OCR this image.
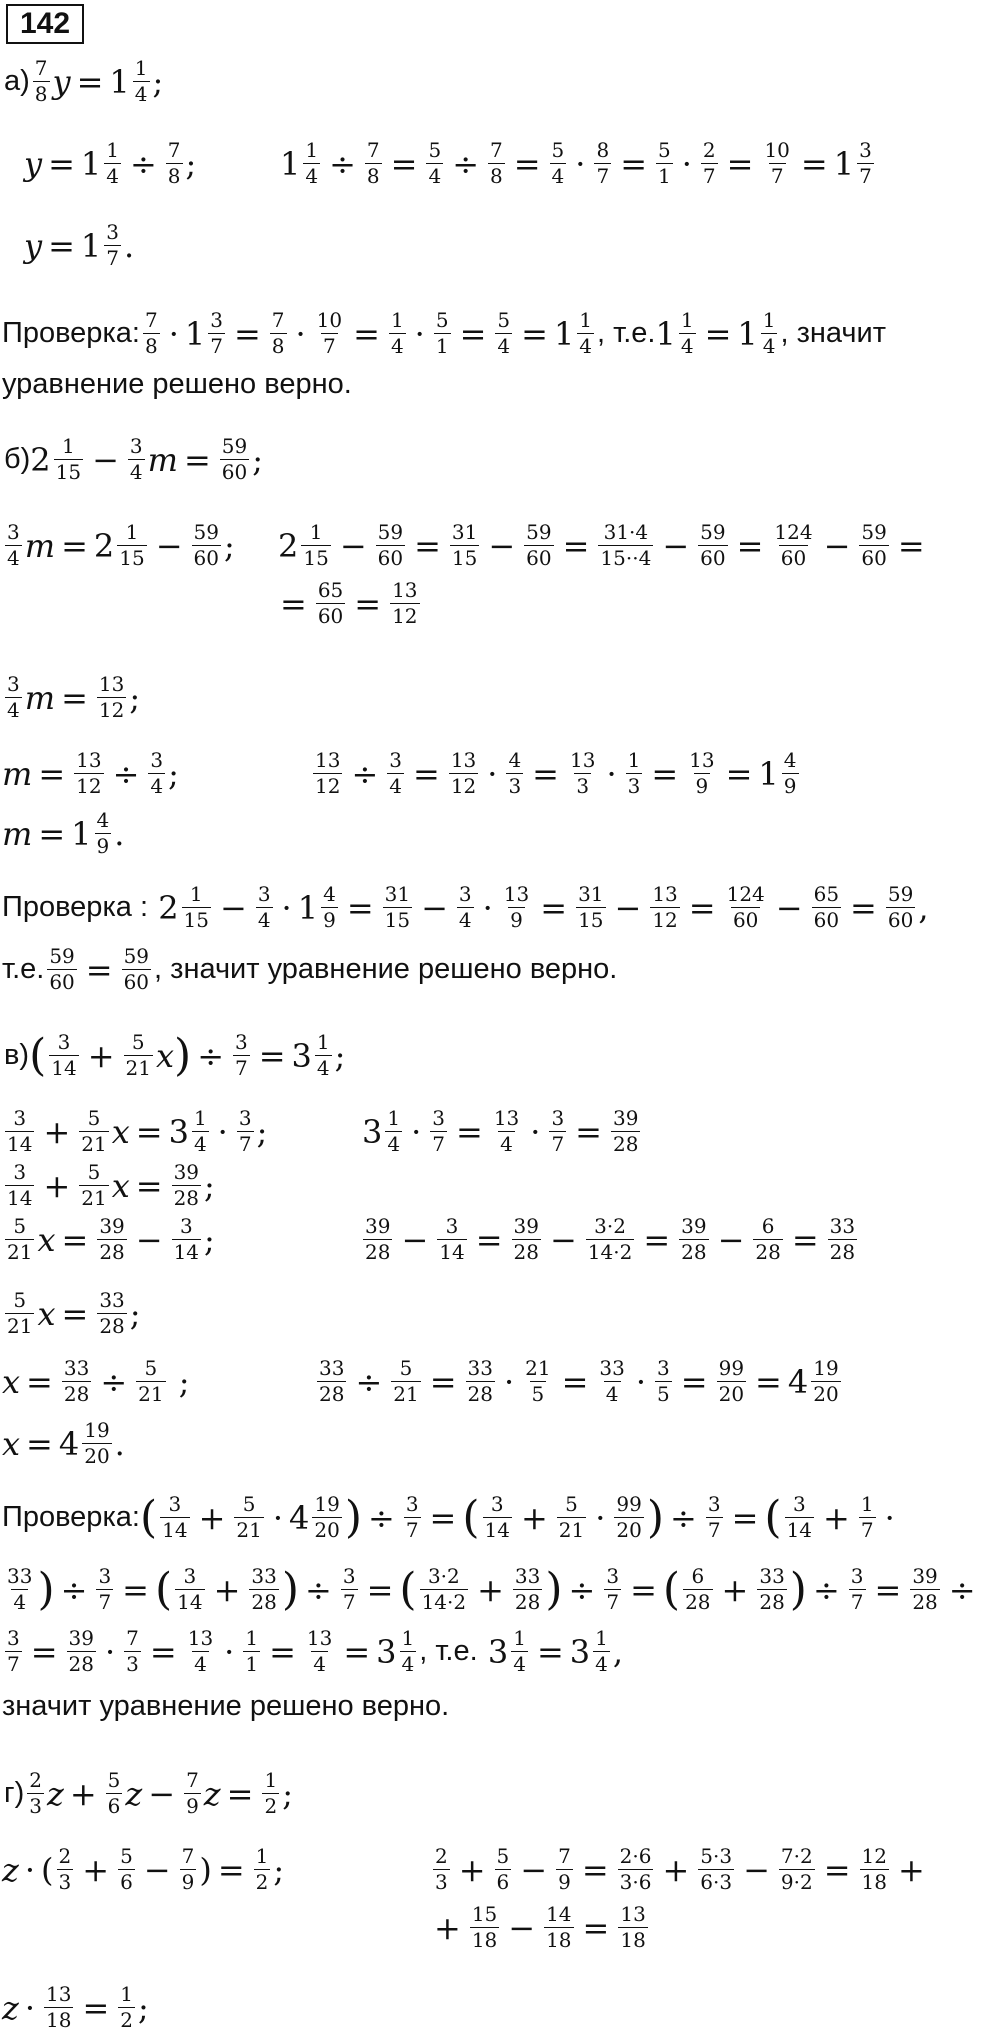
142
$а) \frac{7}{8}$ $y = 1 \frac{1}{4}$ ;
$y = 1 \frac{1}{4} \div \frac{7}{8}$ ;	$1 \frac{1}{4} \div \frac{7}{8} = \frac{5}{4} \div \frac{7}{8} = \frac{5}{4} \cdot \frac{8}{7} = \frac{5}{1} \cdot \frac{2}{7} = \frac{10}{7} = 1 \frac{3}{7}$
$y = 1 \frac{3}{7}$ .
Проверка: $\frac{7}{8} \cdot 1 \frac{3}{7} = \frac{7}{8} \cdot \frac{10}{7} = \frac{1}{4} \cdot \frac{5}{1} = \frac{5}{4} = 1 \frac{1}{4}$ , т.е. $1 \frac{1}{4} = 1 \frac{1}{4}$ , значит
уравнение решено верно.
б) $2 \frac{1}{15} - \frac{3}{4}$ $m = \frac{59}{60}$ ;
$\frac{3}{4}$ $m = 2 \frac{1}{15} - \frac{59}{60}$ ; $2 \frac{1}{15} - \frac{59}{60} = \frac{31}{15} - \frac{59}{60} = \frac{31\cdot 4}{15\cdot\cdot 4} - \frac{59}{60} = \frac{124}{60} - \frac{59}{60}$ =
= $\frac{65}{60} = \frac{13}{12}$
$\frac{3}{4}$ $m = \frac{13}{12}$ ;
$m = \frac{13}{12} \div \frac{3}{4}$ ;	$\frac{13}{12} \div \frac{3}{4} = \frac{13}{12} \cdot \frac{4}{3} = \frac{13}{3} \cdot \frac{1}{3} = \frac{13}{9} = 1 \frac{4}{9}$
$m = 1 \frac{4}{9}$ .
Проверка : $2 \frac{1}{15} - \frac{3}{4} \cdot 1 \frac{4}{9} = \frac{31}{15} - \frac{3}{4} \cdot \frac{13}{9} = \frac{31}{15} - \frac{13}{12} = \frac{124}{60} - \frac{65}{60} = \frac{59}{60}$ ,
т.е. $\frac{59}{60} = \frac{59}{60}$ , значит уравнение решено верно.
в) ( $\frac{3}{14} + \frac{5}{21}$ x ) ÷ $\frac{3}{7} = 3 \frac{1}{4}$ ;
$\frac{3}{14} + \frac{5}{21}$ $x = 3 \frac{1}{4} \cdot \frac{3}{7}$ ;	$3 \frac{1}{4} \cdot \frac{3}{7} = \frac{13}{4} \cdot \frac{3}{7} = \frac{39}{28}$
$\frac{3}{14} + \frac{5}{21}$ $x = \frac{39}{28}$ ;
$\frac{5}{21}$ $x = \frac{39}{28} - \frac{3}{14}$ ;	$\frac{39}{28} - \frac{3}{14} = \frac{39}{28} - \frac{3\cdot 2}{14\cdot 2} = \frac{39}{28} - \frac{6}{28} = \frac{33}{28}$
$\frac{5}{21}$ $x = \frac{33}{28}$ ;
$x = \frac{33}{28} \div \frac{5}{21}$ ;	$\frac{33}{28} \div \frac{5}{21} = \frac{33}{28} \cdot \frac{21}{5} = \frac{33}{4} \cdot \frac{3}{5} = \frac{99}{20} = 4 \frac{19}{20}$
$x = 4 \frac{19}{20}$ .
Проверка: ( $\frac{3}{14} + \frac{5}{21} \cdot 4 \frac{19}{20}$ ) ÷ $\frac{3}{7}$ = ( $\frac{3}{14} + \frac{5}{21} \cdot \frac{99}{20}$ ) ÷ $\frac{3}{7}$ = ( $\frac{3}{14} + \frac{1}{7}$ ·
$\frac{33}{4}$ ) ÷ $\frac{3}{7}$ = ( $\frac{3}{14} + \frac{33}{28}$ ) ÷ $\frac{3}{7}$ = ( $\frac{3\cdot 2}{14\cdot 2} + \frac{33}{28}$ ) ÷ $\frac{3}{7}$ = ( $\frac{6}{28} + \frac{33}{28}$ ) ÷ $\frac{3}{7} = \frac{39}{28}$ ÷
$\frac{3}{7} = \frac{39}{28} \cdot \frac{7}{3} = \frac{13}{4} \cdot \frac{1}{1} = \frac{13}{4} = 3 \frac{1}{4}$ , т.е. $3 \frac{1}{4} = 3 \frac{1}{4}$ ,
значит уравнение решено верно.
$г) \frac{2}{3}$ $z + \frac{5}{6}$ $z - \frac{7}{9}$ $z = \frac{1}{2}$ ;
z · ( $\frac{2}{3} + \frac{5}{6} - \frac{7}{9}$ ) = $\frac{1}{2}$ ;	$\frac{2}{3} + \frac{5}{6} - \frac{7}{9} = \frac{2\cdot 6}{3\cdot 6} + \frac{5\cdot 3}{6\cdot 3} - \frac{7\cdot 2}{9\cdot 2} = \frac{12}{18}$ +
+ $\frac{15}{18} - \frac{14}{18} = \frac{13}{18}$
$z \cdot \frac{13}{18} = \frac{1}{2}$ ;
